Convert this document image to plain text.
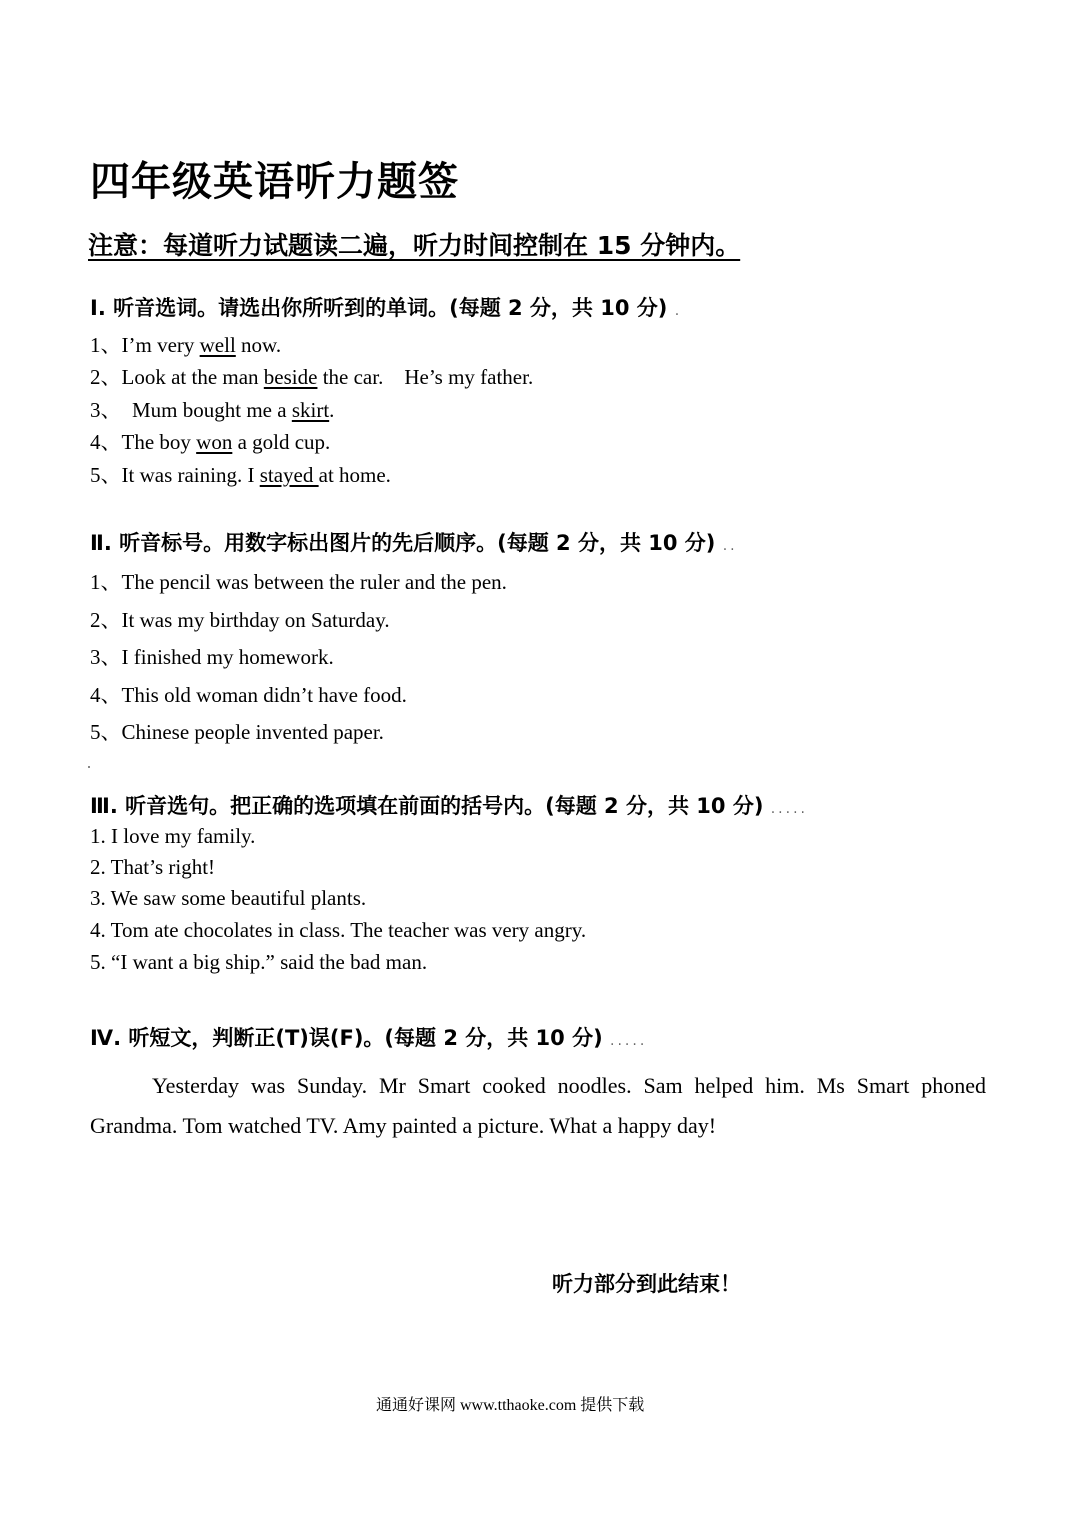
四年级英语听力题签
注意：每道听力试题读二遍，听力时间控制在 15 分钟内。
Ⅰ. 听音选词。请选出你所听到的单词。(每题 2 分，共 10 分) .
1、I’m very well now.
2、Look at the man beside the car.    He’s my father.
3、  Mum bought me a skirt.
4、The boy won a gold cup.
5、It was raining. I stayed at home.
Ⅱ. 听音标号。用数字标出图片的先后顺序。(每题 2 分，共 10 分) ..
1、The pencil was between the ruler and the pen.
2、It was my birthday on Saturday.
3、I finished my homework.
4、This old woman didn’t have food.
5、Chinese people invented paper.
Ⅲ. 听音选句。把正确的选项填在前面的括号内。(每题 2 分，共 10 分) .....
1. I love my family.
2. That’s right!
3. We saw some beautiful plants.
4. Tom ate chocolates in class. The teacher was very angry.
5. “I want a big ship.” said the bad man.
Ⅳ. 听短文，判断正(T)误(F)。(每题 2 分，共 10 分) .....
Yesterday was Sunday. Mr Smart cooked noodles. Sam helped him. Ms Smart phoned Grandma. Tom watched TV. Amy painted a picture. What a happy day!
听力部分到此结束！
通通好课网 www.tthaoke.com 提供下载
